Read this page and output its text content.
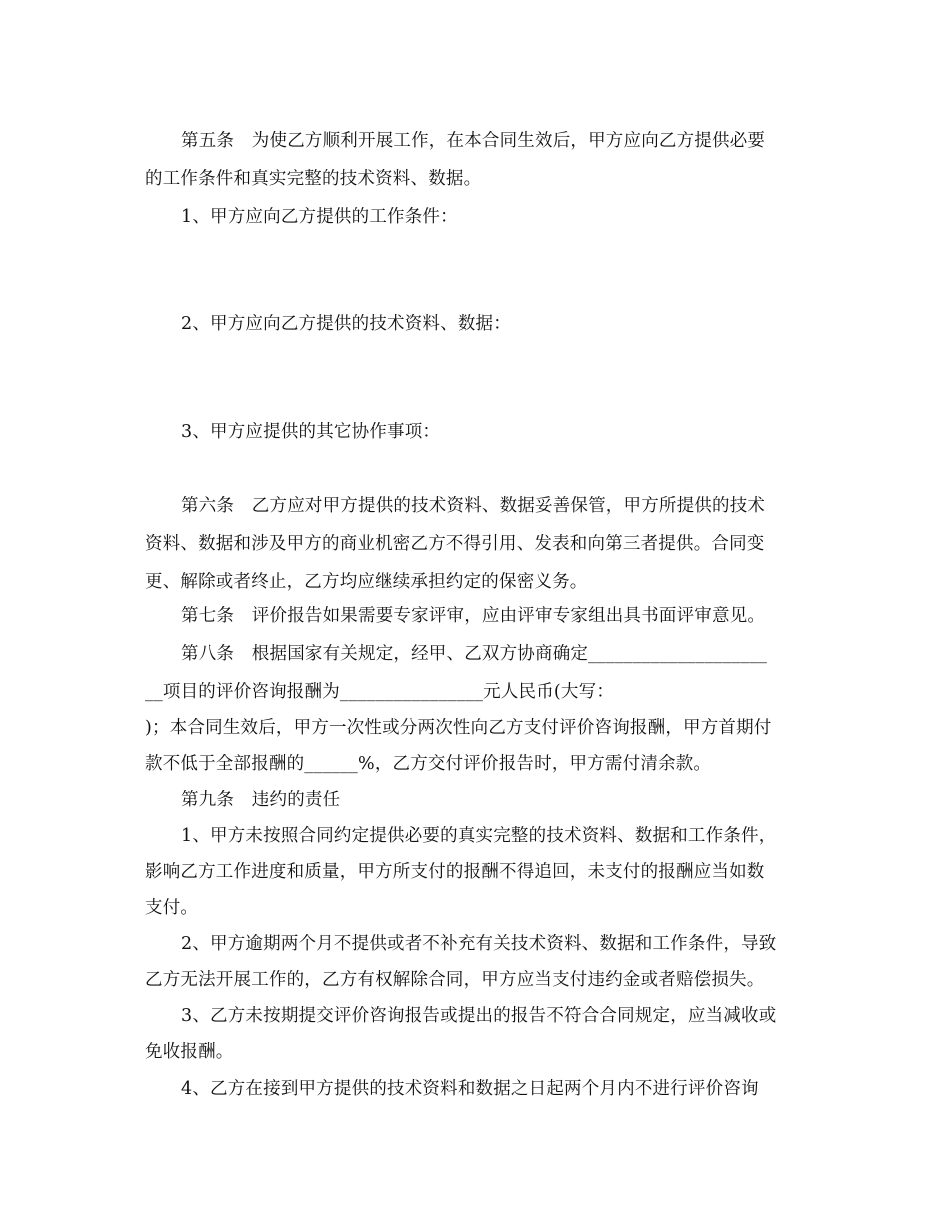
第五条　为使乙方顺利开展工作，在本合同生效后，甲方应向乙方提供必要
的工作条件和真实完整的技术资料、数据。
1、甲方应向乙方提供的工作条件：
2、甲方应向乙方提供的技术资料、数据：
3、甲方应提供的其它协作事项：
第六条　乙方应对甲方提供的技术资料、数据妥善保管，甲方所提供的技术
资料、数据和涉及甲方的商业机密乙方不得引用、发表和向第三者提供。合同变
更、解除或者终止，乙方均应继续承担约定的保密义务。
第七条　评价报告如果需要专家评审，应由评审专家组出具书面评审意见。
第八条　根据国家有关规定，经甲、乙双方协商确定____________________
__项目的评价咨询报酬为________________元人民币(大写：
)；本合同生效后，甲方一次性或分两次性向乙方支付评价咨询报酬，甲方首期付
款不低于全部报酬的______%，乙方交付评价报告时，甲方需付清余款。
第九条　违约的责任
1、甲方未按照合同约定提供必要的真实完整的技术资料、数据和工作条件，
影响乙方工作进度和质量，甲方所支付的报酬不得追回，未支付的报酬应当如数
支付。
2、甲方逾期两个月不提供或者不补充有关技术资料、数据和工作条件，导致
乙方无法开展工作的，乙方有权解除合同，甲方应当支付违约金或者赔偿损失。
3、乙方未按期提交评价咨询报告或提出的报告不符合合同规定，应当减收或
免收报酬。
4、乙方在接到甲方提供的技术资料和数据之日起两个月内不进行评价咨询
